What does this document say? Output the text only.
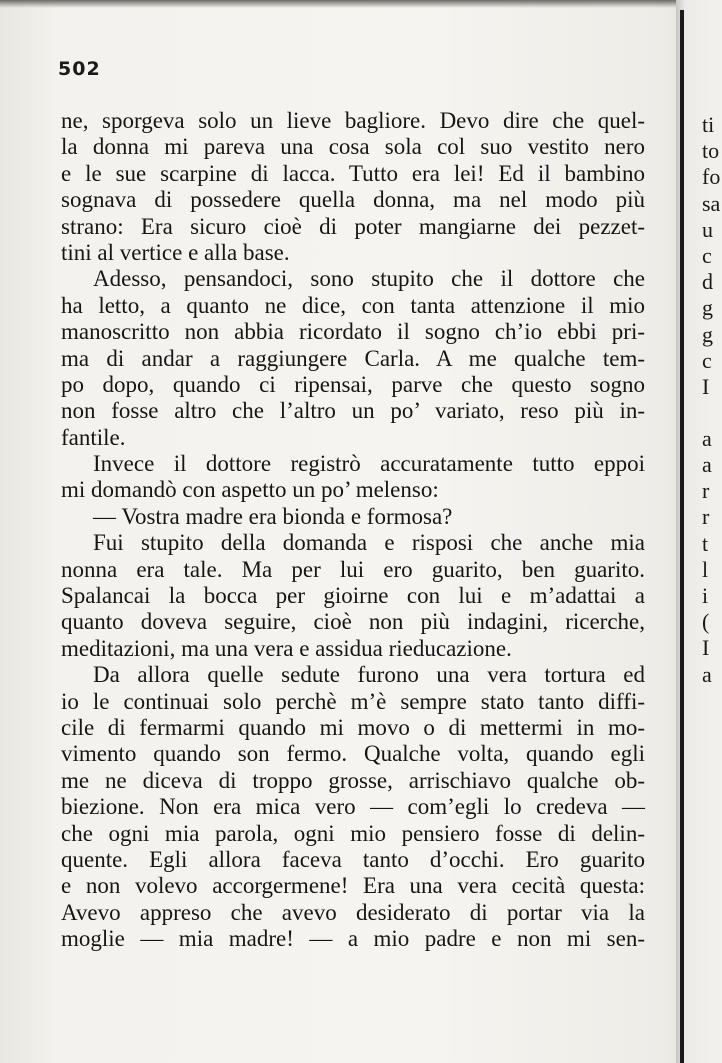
502
ne, sporgeva solo un lieve bagliore. Devo dire che quel-
la donna mi pareva una cosa sola col suo vestito nero
e le sue scarpine di lacca. Tutto era lei! Ed il bambino
sognava di possedere quella donna, ma nel modo più
strano: Era sicuro cioè di poter mangiarne dei pezzet-
tini al vertice e alla base.
Adesso, pensandoci, sono stupito che il dottore che
ha letto, a quanto ne dice, con tanta attenzione il mio
manoscritto non abbia ricordato il sogno ch’io ebbi pri-
ma di andar a raggiungere Carla. A me qualche tem-
po dopo, quando ci ripensai, parve che questo sogno
non fosse altro che l’altro un po’ variato, reso più in-
fantile.
Invece il dottore registrò accuratamente tutto eppoi
mi domandò con aspetto un po’ melenso:
— Vostra madre era bionda e formosa?
Fui stupito della domanda e risposi che anche mia
nonna era tale. Ma per lui ero guarito, ben guarito.
Spalancai la bocca per gioirne con lui e m’adattai a
quanto doveva seguire, cioè non più indagini, ricerche,
meditazioni, ma una vera e assidua rieducazione.
Da allora quelle sedute furono una vera tortura ed
io le continuai solo perchè m’è sempre stato tanto diffi-
cile di fermarmi quando mi movo o di mettermi in mo-
vimento quando son fermo. Qualche volta, quando egli
me ne diceva di troppo grosse, arrischiavo qualche ob-
biezione. Non era mica vero — com’egli lo credeva —
che ogni mia parola, ogni mio pensiero fosse di delin-
quente. Egli allora faceva tanto d’occhi. Ero guarito
e non volevo accorgermene! Era una vera cecità questa:
Avevo appreso che avevo desiderato di portar via la
moglie — mia madre! — a mio padre e non mi sen-
ti
to
fo
sa
u
c
d
g
g
c
I
a
a
r
r
t
l
i
(
I
a
